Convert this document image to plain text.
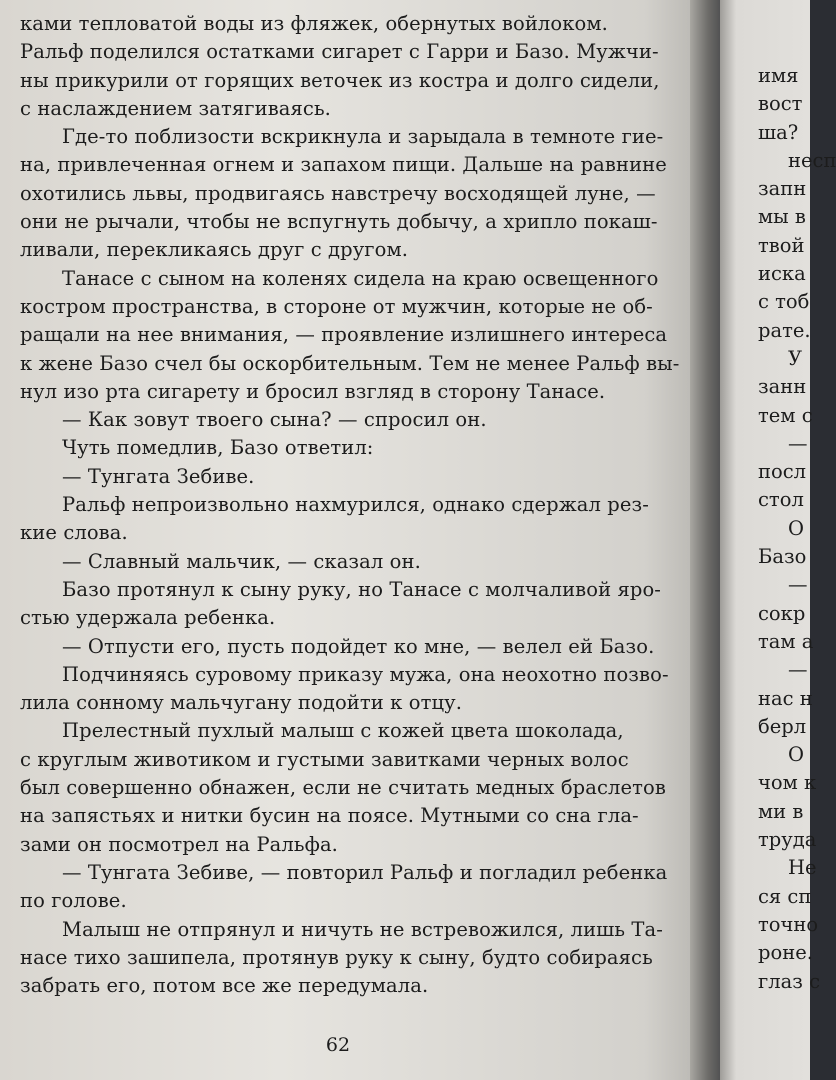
ками тепловатой воды из фляжек, обернутых войлоком.
Ральф поделился остатками сигарет с Гарри и Базо. Мужчи-
ны прикурили от горящих веточек из костра и долго сидели,
с наслаждением затягиваясь.
Где-то поблизости вскрикнула и зарыдала в темноте гие-
на, привлеченная огнем и запахом пищи. Дальше на равнине
охотились львы, продвигаясь навстречу восходящей луне, —
они не рычали, чтобы не вспугнуть добычу, а хрипло покаш-
ливали, перекликаясь друг с другом.
Танасе с сыном на коленях сидела на краю освещенного
костром пространства, в стороне от мужчин, которые не об-
ращали на нее внимания, — проявление излишнего интереса
к жене Базо счел бы оскорбительным. Тем не менее Ральф вы-
нул изо рта сигарету и бросил взгляд в сторону Танасе.
— Как зовут твоего сына? — спросил он.
Чуть помедлив, Базо ответил:
— Тунгата Зебиве.
Ральф непроизвольно нахмурился, однако сдержал рез-
кие слова.
— Славный мальчик, — сказал он.
Базо протянул к сыну руку, но Танасе с молчаливой яро-
стью удержала ребенка.
— Отпусти его, пусть подойдет ко мне, — велел ей Базо.
Подчиняясь суровому приказу мужа, она неохотно позво-
лила сонному мальчугану подойти к отцу.
Прелестный пухлый малыш с кожей цвета шоколада,
с круглым животиком и густыми завитками черных волос
был совершенно обнажен, если не считать медных браслетов
на запястьях и нитки бусин на поясе. Мутными со сна гла-
зами он посмотрел на Ральфа.
— Тунгата Зебиве, — повторил Ральф и погладил ребенка
по голове.
Малыш не отпрянул и ничуть не встревожился, лишь Та-
насе тихо зашипела, протянув руку к сыну, будто собираясь
забрать его, потом все же передумала.
62
имя
вост
ша?
несп
запн
мы в
твой
иска
с тоб
рате.
У
занн
тем с
—
посл
стол
О
Базо
—
сокр
там а
—
нас н
берл
О
чом к
ми в
труда
Не
ся сп
точно
роне.
глаз с
